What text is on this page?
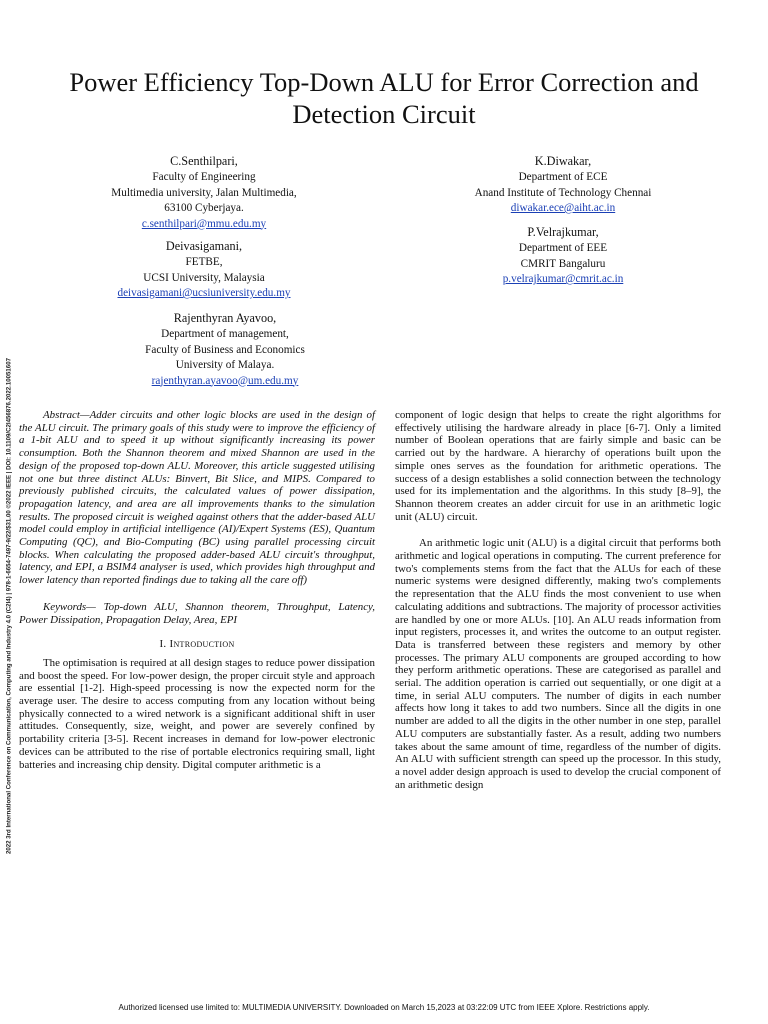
2022 3rd International Conference on Communication, Computing and Industry 4.0 (C2I4) | 978-1-6654-7497-9/22/$31.00 ©2022 IEEE | DOI: 10.1109/C2I456876.2022.10051607
Power Efficiency Top-Down ALU for Error Correction and Detection Circuit
C.Senthilpari,
Faculty of Engineering
Multimedia university, Jalan Multimedia,
63100 Cyberjaya.
c.senthilpari@mmu.edu.my
K.Diwakar,
Department of ECE
Anand Institute of Technology Chennai
diwakar.ece@aiht.ac.in
Deivasigamani,
FETBE,
UCSI University, Malaysia
deivasigamani@ucsiuniversity.edu.my
P.Velrajkumar,
Department of EEE
CMRIT Bangaluru
p.velrajkumar@cmrit.ac.in
Rajenthyran Ayavoo,
Department of management,
Faculty of Business and Economics
University of Malaya.
rajenthyran.ayavoo@um.edu.my

Abstract—Adder circuits and other logic blocks are used in the design of the ALU circuit. The primary goals of this study were to improve the efficiency of a 1-bit ALU and to speed it up without significantly increasing its power consumption. Both the Shannon theorem and mixed Shannon are used in the design of the proposed top-down ALU. Moreover, this article suggested utilising not one but three distinct ALUs: Binvert, Bit Slice, and MIPS. Compared to previously published circuits, the calculated values of power dissipation, propagation latency, and area are all improvements thanks to the simulation results. The proposed circuit is weighed against others that the adder-based ALU model could employ in artificial intelligence (AI)/Expert Systems (ES), Quantum Computing (QC), and Bio-Computing (BC) using parallel processing circuit blocks. When calculating the proposed adder-based ALU circuit's throughput, latency, and EPI, a BSIM4 analyser is used, which provides high throughput and lower latency than reported findings due to taking all the care off)

Keywords— Top-down ALU, Shannon theorem, Throughput, Latency, Power Dissipation, Propagation Delay, Area, EPI

I. Introduction

The optimisation is required at all design stages to reduce power dissipation and boost the speed. For low-power design, the proper circuit style and approach are essential [1-2]. High-speed processing is now the expected norm for the average user. The desire to access computing from any location without being physically connected to a wired network is a significant additional shift in user attitudes. Consequently, size, weight, and power are severely confined by portability criteria [3-5]. Recent increases in demand for low-power electronic devices can be attributed to the rise of portable electronics requiring small, light batteries and increasing chip density. Digital computer arithmetic is a

component of logic design that helps to create the right algorithms for effectively utilising the hardware already in place [6-7]. Only a limited number of Boolean operations that are fairly simple and basic can be carried out by the hardware. A hierarchy of operations built upon the simple ones serves as the foundation for arithmetic operations. The success of a design establishes a solid connection between the technology used for its implementation and the algorithms. In this study [8–9], the Shannon theorem creates an adder circuit for use in an arithmetic logic unit (ALU) circuit.

An arithmetic logic unit (ALU) is a digital circuit that performs both arithmetic and logical operations in computing. The current preference for two's complements stems from the fact that the ALUs for each of these numeric systems were designed differently, making two's complements the representation that the ALU finds the most convenient to use when calculating additions and subtractions. The majority of processor activities are handled by one or more ALUs. [10]. An ALU reads information from input registers, processes it, and writes the outcome to an output register. Data is transferred between these registers and memory by other processes. The primary ALU components are grouped according to how they perform arithmetic operations. These are categorised as parallel and serial. The addition operation is carried out sequentially, or one digit at a time, in serial ALU computers. The number of digits in each number affects how long it takes to add two numbers. Since all the digits in one number are added to all the digits in the other number in one step, parallel ALU computers are substantially faster. As a result, adding two numbers takes about the same amount of time, regardless of the number of digits. An ALU with sufficient strength can speed up the processor. In this study, a novel adder design approach is used to develop the crucial component of an arithmetic design

Authorized licensed use limited to: MULTIMEDIA UNIVERSITY. Downloaded on March 15,2023 at 03:22:09 UTC from IEEE Xplore. Restrictions apply.
